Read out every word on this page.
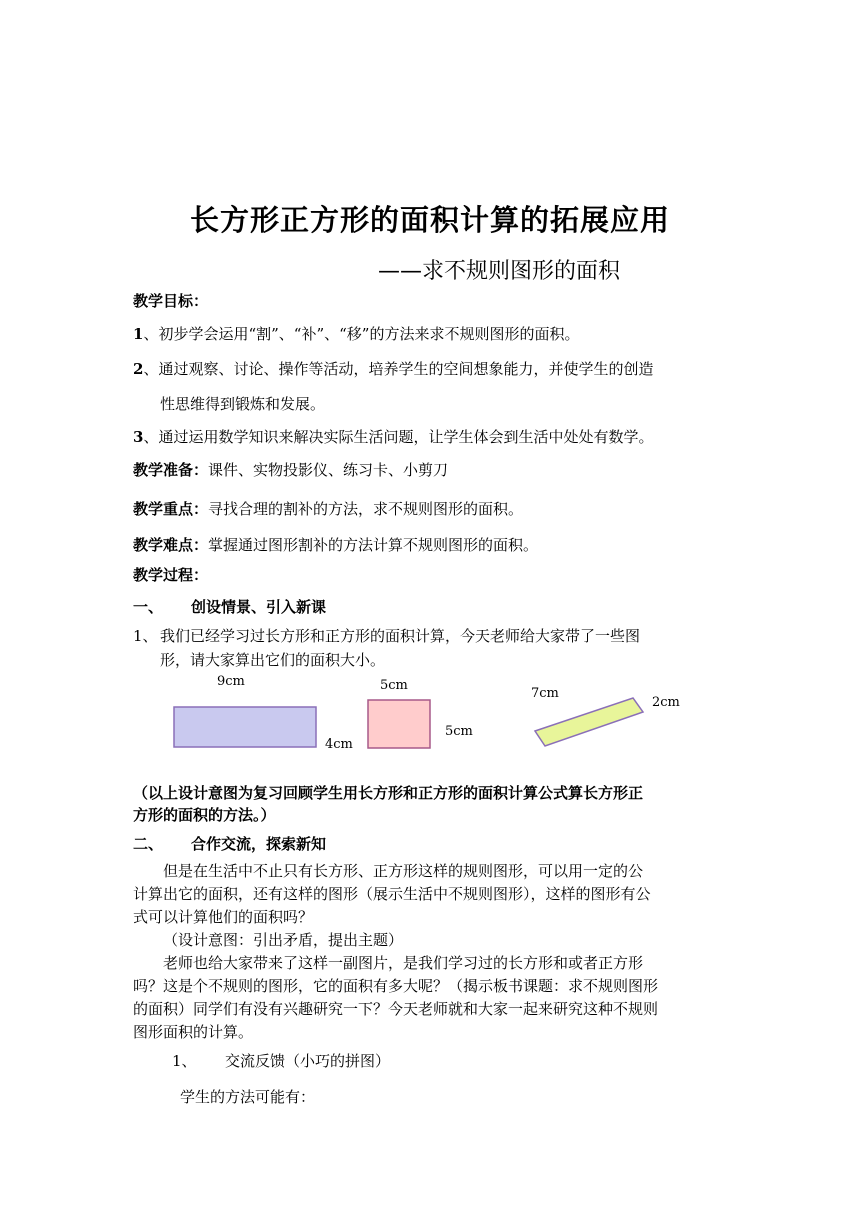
长方形正方形的面积计算的拓展应用
——求不规则图形的面积
教学目标：
1、初步学会运用“割”、“补”、“移”的方法来求不规则图形的面积。
2、通过观察、讨论、操作等活动，培养学生的空间想象能力，并使学生的创造
性思维得到锻炼和发展。
3、通过运用数学知识来解决实际生活问题，让学生体会到生活中处处有数学。
教学准备：课件、实物投影仪、练习卡、小剪刀
教学重点：寻找合理的割补的方法，求不规则图形的面积。
教学难点：掌握通过图形割补的方法计算不规则图形的面积。
教学过程：
一、 创设情景、引入新课
1、 我们已经学习过长方形和正方形的面积计算，今天老师给大家带了一些图
形，请大家算出它们的面积大小。
9cm
4cm
5cm
5cm
7cm
2cm
（以上设计意图为复习回顾学生用长方形和正方形的面积计算公式算长方形正
方形的面积的方法。）
二、 合作交流，探索新知
但是在生活中不止只有长方形、正方形这样的规则图形，可以用一定的公
计算出它的面积，还有这样的图形（展示生活中不规则图形），这样的图形有公
式可以计算他们的面积吗？
（设计意图：引出矛盾，提出主题）
老师也给大家带来了这样一副图片，是我们学习过的长方形和或者正方形
吗？这是个不规则的图形，它的面积有多大呢？（揭示板书课题：求不规则图形
的面积）同学们有没有兴趣研究一下？今天老师就和大家一起来研究这种不规则
图形面积的计算。
1、 交流反馈（小巧的拼图）
学生的方法可能有：
